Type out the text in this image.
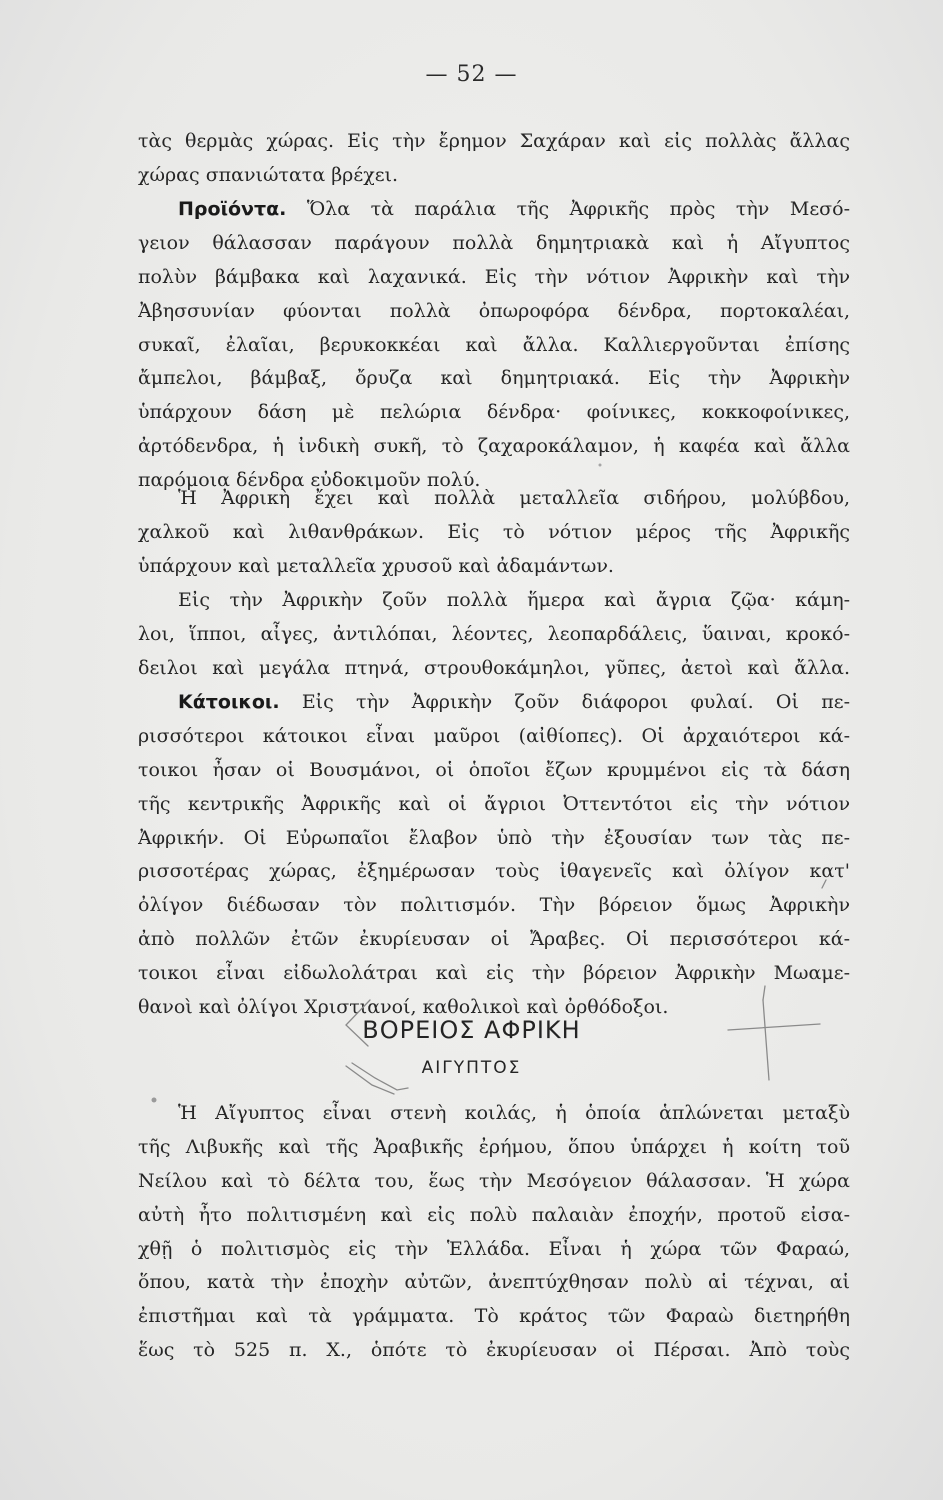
— 52 —
τὰς θερμὰς χώρας. Εἰς τὴν ἔρημον Σαχάραν καὶ εἰς πολλὰς ἄλλας
χώρας σπανιώτατα βρέχει.
Προϊόντα. Ὅλα τὰ παράλια τῆς Ἀφρικῆς πρὸς τὴν Μεσό-
γειον θάλασσαν παράγουν πολλὰ δημητριακὰ καὶ ἡ Αἴγυπτος
πολὺν βάμβακα καὶ λαχανικά. Εἰς τὴν νότιον Ἀφρικὴν καὶ τὴν
Ἀβησσυνίαν φύονται πολλὰ ὀπωροφόρα δένδρα, πορτοκαλέαι,
συκαῖ, ἐλαῖαι, βερυκοκκέαι καὶ ἄλλα. Καλλιεργοῦνται ἐπίσης
ἄμπελοι, βάμβαξ, ὄρυζα καὶ δημητριακά. Εἰς τὴν Ἀφρικὴν
ὑπάρχουν δάση μὲ πελώρια δένδρα· φοίνικες, κοκκοφοίνικες,
ἀρτόδενδρα, ἡ ἰνδικὴ συκῆ, τὸ ζαχαροκάλαμον, ἡ καφέα καὶ ἄλλα
παρόμοια δένδρα εὐδοκιμοῦν πολύ.
Ἡ Ἀφρικὴ ἔχει καὶ πολλὰ μεταλλεῖα σιδήρου, μολύβδου,
χαλκοῦ καὶ λιθανθράκων. Εἰς τὸ νότιον μέρος τῆς Ἀφρικῆς
ὑπάρχουν καὶ μεταλλεῖα χρυσοῦ καὶ ἀδαμάντων.
Εἰς τὴν Ἀφρικὴν ζοῦν πολλὰ ἥμερα καὶ ἄγρια ζῷα· κάμη-
λοι, ἵπποι, αἶγες, ἀντιλόπαι, λέοντες, λεοπαρδάλεις, ὕαιναι, κροκό-
δειλοι καὶ μεγάλα πτηνά, στρουθοκάμηλοι, γῦπες, ἀετοὶ καὶ ἄλλα.
Κάτοικοι. Εἰς τὴν Ἀφρικὴν ζοῦν διάφοροι φυλαί. Οἱ πε-
ρισσότεροι κάτοικοι εἶναι μαῦροι (αἰθίοπες). Οἱ ἀρχαιότεροι κά-
τοικοι ἦσαν οἱ Βουσμάνοι, οἱ ὁποῖοι ἔζων κρυμμένοι εἰς τὰ δάση
τῆς κεντρικῆς Ἀφρικῆς καὶ οἱ ἄγριοι Ὀττεντότοι εἰς τὴν νότιον
Ἀφρικήν. Οἱ Εὐρωπαῖοι ἔλαβον ὑπὸ τὴν ἐξουσίαν των τὰς πε-
ρισσοτέρας χώρας, ἐξημέρωσαν τοὺς ἰθαγενεῖς καὶ ὀλίγον κατ'
ὀλίγον διέδωσαν τὸν πολιτισμόν. Τὴν βόρειον ὅμως Ἀφρικὴν
ἀπὸ πολλῶν ἐτῶν ἐκυρίευσαν οἱ Ἄραβες. Οἱ περισσότεροι κά-
τοικοι εἶναι εἰδωλολάτραι καὶ εἰς τὴν βόρειον Ἀφρικὴν Μωαμε-
θανοὶ καὶ ὀλίγοι Χριστιανοί, καθολικοὶ καὶ ὀρθόδοξοι.
ΒΟΡΕΙΟΣ ΑΦΡΙΚΗ
ΑΙΓΥΠΤΟΣ
Ἡ Αἴγυπτος εἶναι στενὴ κοιλάς, ἡ ὁποία ἁπλώνεται μεταξὺ
τῆς Λιβυκῆς καὶ τῆς Ἀραβικῆς ἐρήμου, ὅπου ὑπάρχει ἡ κοίτη τοῦ
Νείλου καὶ τὸ δέλτα του, ἕως τὴν Μεσόγειον θάλασσαν. Ἡ χώρα
αὐτὴ ἦτο πολιτισμένη καὶ εἰς πολὺ παλαιὰν ἐποχήν, προτοῦ εἰσα-
χθῇ ὁ πολιτισμὸς εἰς τὴν Ἑλλάδα. Εἶναι ἡ χώρα τῶν Φαραώ,
ὅπου, κατὰ τὴν ἐποχὴν αὐτῶν, ἀνεπτύχθησαν πολὺ αἱ τέχναι, αἱ
ἐπιστῆμαι καὶ τὰ γράμματα. Τὸ κράτος τῶν Φαραὼ διετηρήθη
ἕως τὸ 525 π. Χ., ὁπότε τὸ ἐκυρίευσαν οἱ Πέρσαι. Ἀπὸ τοὺς
